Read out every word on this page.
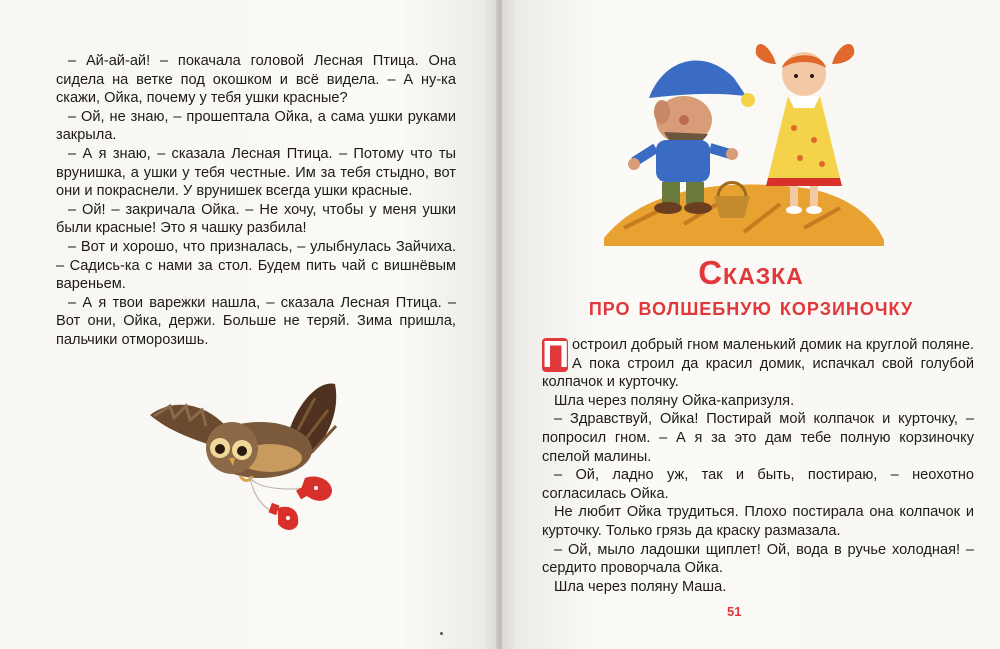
– Ай-ай-ай! – покачала головой Лесная Птица. Она сидела на ветке под окошком и всё видела. – А ну-ка скажи, Ойка, почему у тебя ушки красные?

– Ой, не знаю, – прошептала Ойка, а сама ушки руками закрыла.

– А я знаю, – сказала Лесная Птица. – Потому что ты врунишка, а ушки у тебя честные. Им за тебя стыдно, вот они и покраснели. У врунишек всегда ушки красные.

– Ой! – закричала Ойка. – Не хочу, чтобы у меня ушки были красные! Это я чашку разбила!

– Вот и хорошо, что призналась, – улыбнулась Зайчиха. – Садись-ка с нами за стол. Будем пить чай с вишнёвым вареньем.

– А я твои варежки нашла, – сказала Лесная Птица. – Вот они, Ойка, держи. Больше не теряй. Зима пришла, пальчики отморозишь.

Сказка
про волшебную корзиночку

П остроил добрый гном маленький домик на круглой поляне. А пока строил да красил домик, испачкал свой голубой колпачок и курточку.

Шла через поляну Ойка-капризуля.

– Здравствуй, Ойка! Постирай мой колпачок и курточку, – попросил гном. – А я за это дам тебе полную корзиночку спелой малины.

– Ой, ладно уж, так и быть, постираю, – неохотно согласилась Ойка.

Не любит Ойка трудиться. Плохо постирала она колпачок и курточку. Только грязь да краску размазала.

– Ой, мыло ладошки щиплет! Ой, вода в ручье холодная! – сердито проворчала Ойка.

Шла через поляну Маша.

51
